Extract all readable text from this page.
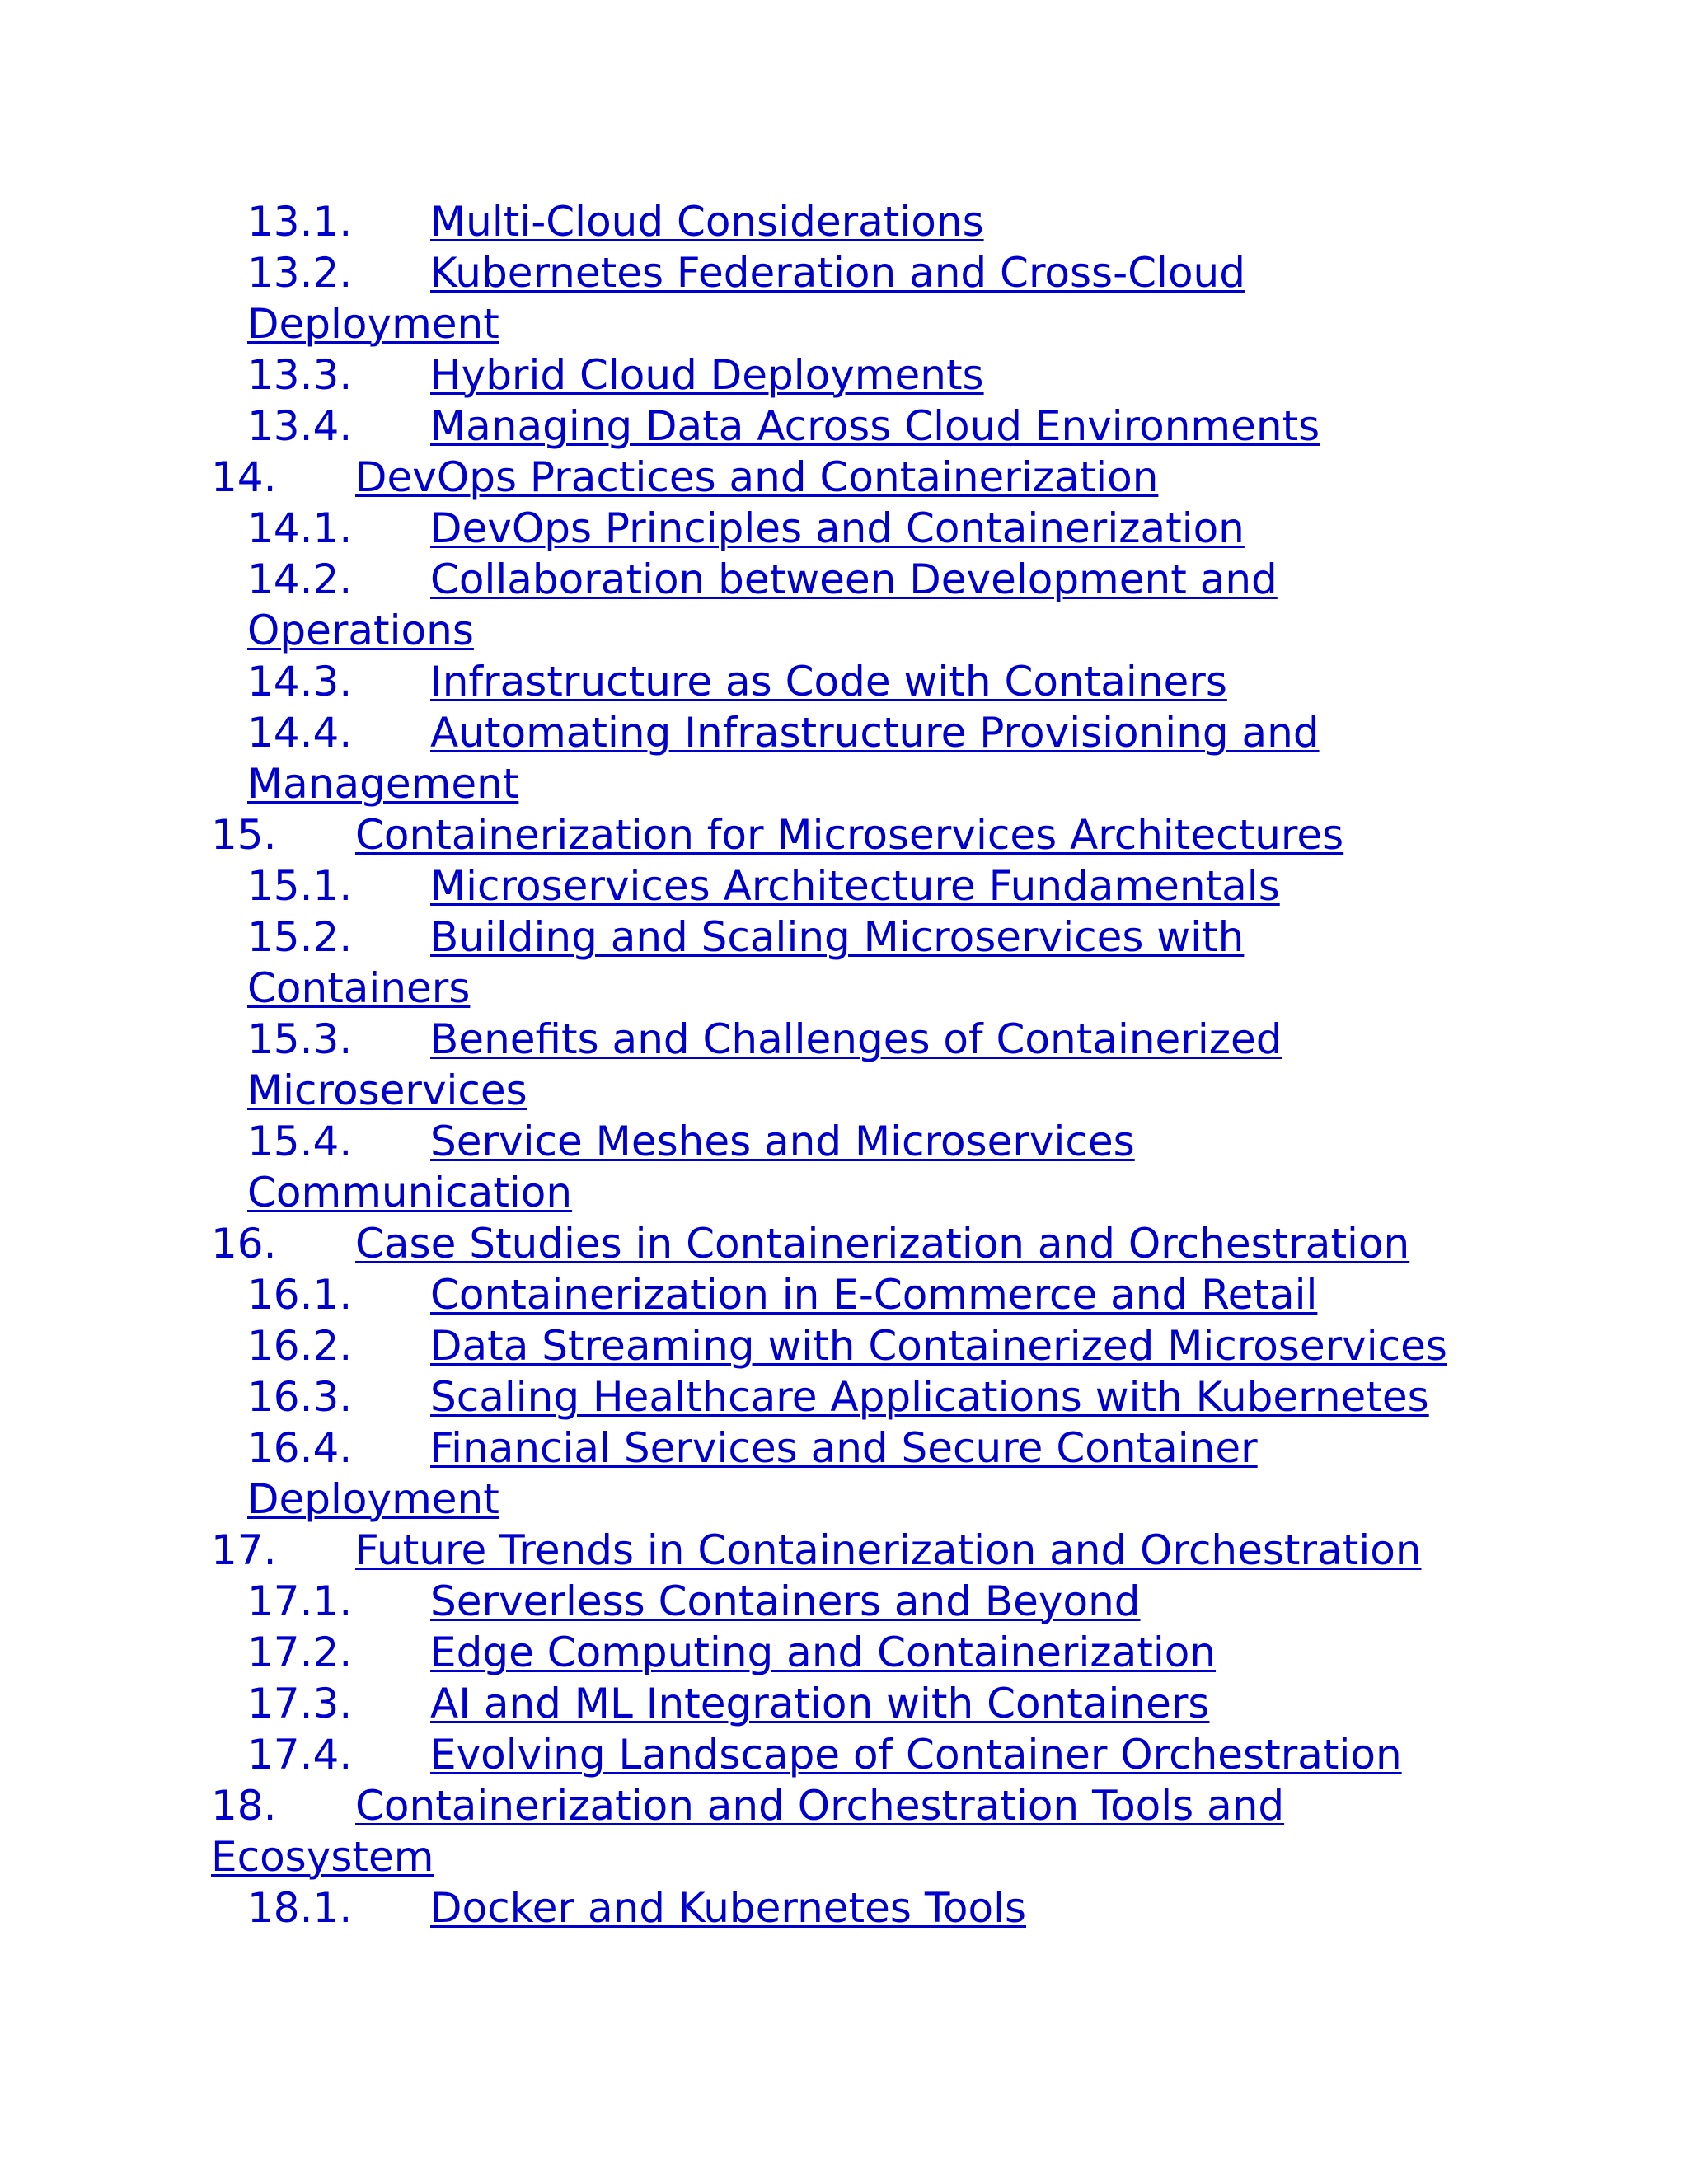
13.1. Multi-Cloud Considerations
13.2. Kubernetes Federation and Cross-Cloud Deployment
13.3. Hybrid Cloud Deployments
13.4. Managing Data Across Cloud Environments
14. DevOps Practices and Containerization
14.1. DevOps Principles and Containerization
14.2. Collaboration between Development and Operations
14.3. Infrastructure as Code with Containers
14.4. Automating Infrastructure Provisioning and Management
15. Containerization for Microservices Architectures
15.1. Microservices Architecture Fundamentals
15.2. Building and Scaling Microservices with Containers
15.3. Benefits and Challenges of Containerized Microservices
15.4. Service Meshes and Microservices Communication
16. Case Studies in Containerization and Orchestration
16.1. Containerization in E-Commerce and Retail
16.2. Data Streaming with Containerized Microservices
16.3. Scaling Healthcare Applications with Kubernetes
16.4. Financial Services and Secure Container Deployment
17. Future Trends in Containerization and Orchestration
17.1. Serverless Containers and Beyond
17.2. Edge Computing and Containerization
17.3. AI and ML Integration with Containers
17.4. Evolving Landscape of Container Orchestration
18. Containerization and Orchestration Tools and Ecosystem
18.1. Docker and Kubernetes Tools
